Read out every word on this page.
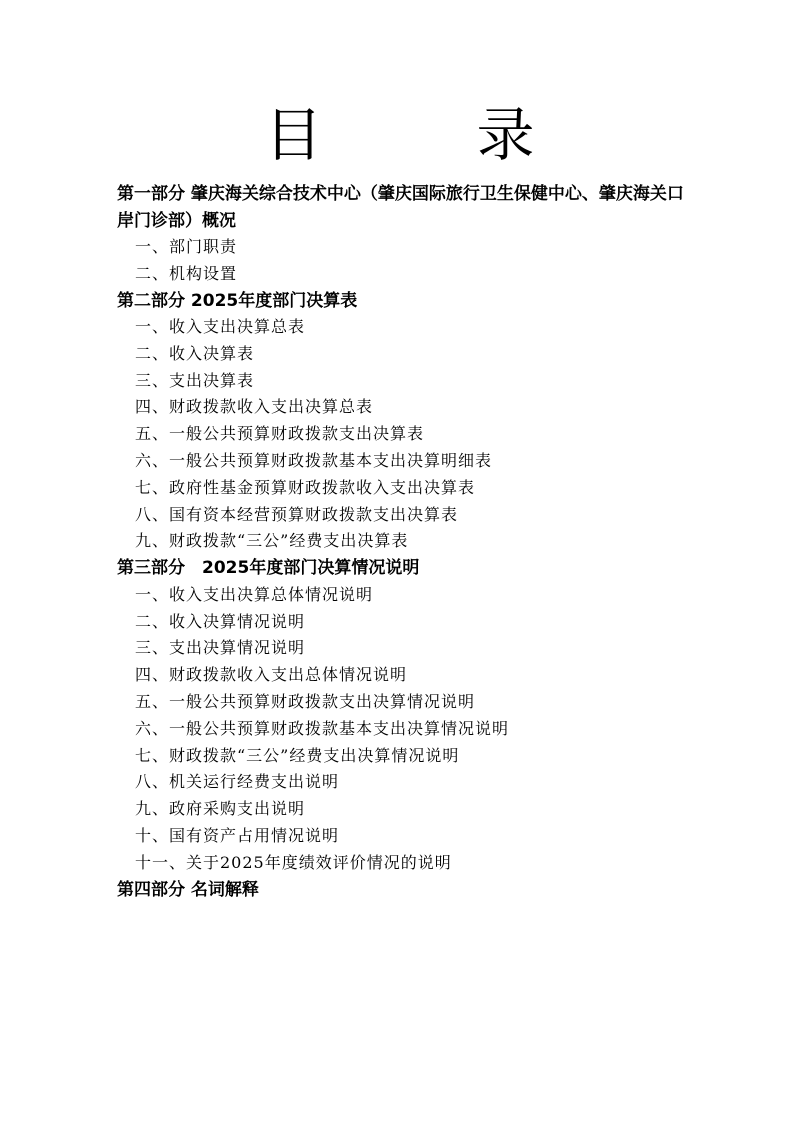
目　录
第一部分 肇庆海关综合技术中心（肇庆国际旅行卫生保健中心、肇庆海关口岸门诊部）概况
一、部门职责
二、机构设置
第二部分 2025年度部门决算表
一、收入支出决算总表
二、收入决算表
三、支出决算表
四、财政拨款收入支出决算总表
五、一般公共预算财政拨款支出决算表
六、一般公共预算财政拨款基本支出决算明细表
七、政府性基金预算财政拨款收入支出决算表
八、国有资本经营预算财政拨款支出决算表
九、财政拨款“三公”经费支出决算表
第三部分　2025年度部门决算情况说明
一、收入支出决算总体情况说明
二、收入决算情况说明
三、支出决算情况说明
四、财政拨款收入支出总体情况说明
五、一般公共预算财政拨款支出决算情况说明
六、一般公共预算财政拨款基本支出决算情况说明
七、财政拨款“三公”经费支出决算情况说明
八、机关运行经费支出说明
九、政府采购支出说明
十、国有资产占用情况说明
十一、关于2025年度绩效评价情况的说明
第四部分 名词解释
